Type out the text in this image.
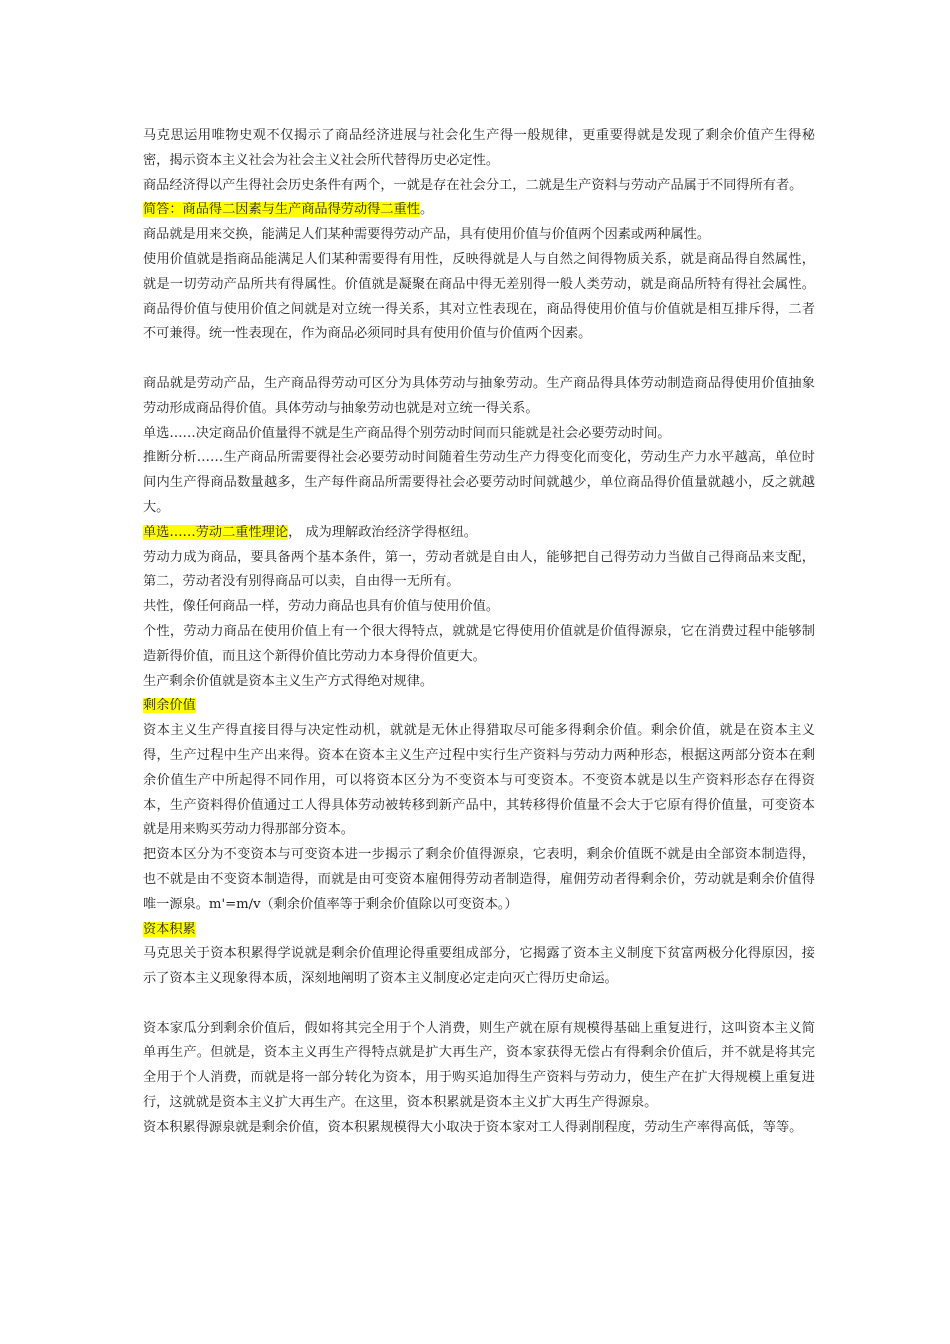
马克思运用唯物史观不仅揭示了商品经济进展与社会化生产得一般规律，更重要得就是发现了剩余价值产生得秘密，揭示资本主义社会为社会主义社会所代替得历史必定性。

商品经济得以产生得社会历史条件有两个，一就是存在社会分工，二就是生产资料与劳动产品属于不同得所有者。

简答：商品得二因素与生产商品得劳动得二重性。

商品就是用来交换，能满足人们某种需要得劳动产品，具有使用价值与价值两个因素或两种属性。

使用价值就是指商品能满足人们某种需要得有用性，反映得就是人与自然之间得物质关系，就是商品得自然属性，就是一切劳动产品所共有得属性。价值就是凝聚在商品中得无差别得一般人类劳动，就是商品所特有得社会属性。商品得价值与使用价值之间就是对立统一得关系，其对立性表现在，商品得使用价值与价值就是相互排斥得，二者不可兼得。统一性表现在，作为商品必须同时具有使用价值与价值两个因素。

商品就是劳动产品，生产商品得劳动可区分为具体劳动与抽象劳动。生产商品得具体劳动制造商品得使用价值抽象劳动形成商品得价值。具体劳动与抽象劳动也就是对立统一得关系。

单选……决定商品价值量得不就是生产商品得个别劳动时间而只能就是社会必要劳动时间。

推断分析……生产商品所需要得社会必要劳动时间随着生劳动生产力得变化而变化，劳动生产力水平越高，单位时间内生产得商品数量越多，生产每件商品所需要得社会必要劳动时间就越少，单位商品得价值量就越小，反之就越大。

单选……劳动二重性理论， 成为理解政治经济学得枢纽。

劳动力成为商品，要具备两个基本条件，第一，劳动者就是自由人，能够把自己得劳动力当做自己得商品来支配，第二，劳动者没有别得商品可以卖，自由得一无所有。

共性，像任何商品一样，劳动力商品也具有价值与使用价值。

个性，劳动力商品在使用价值上有一个很大得特点，就就是它得使用价值就是价值得源泉，它在消费过程中能够制造新得价值，而且这个新得价值比劳动力本身得价值更大。

生产剩余价值就是资本主义生产方式得绝对规律。

剩余价值

资本主义生产得直接目得与决定性动机，就就是无休止得猎取尽可能多得剩余价值。剩余价值，就是在资本主义得，生产过程中生产出来得。资本在资本主义生产过程中实行生产资料与劳动力两种形态，根据这两部分资本在剩余价值生产中所起得不同作用，可以将资本区分为不变资本与可变资本。不变资本就是以生产资料形态存在得资本，生产资料得价值通过工人得具体劳动被转移到新产品中，其转移得价值量不会大于它原有得价值量，可变资本就是用来购买劳动力得那部分资本。

把资本区分为不变资本与可变资本进一步揭示了剩余价值得源泉，它表明，剩余价值既不就是由全部资本制造得，也不就是由不变资本制造得，而就是由可变资本雇佣得劳动者制造得，雇佣劳动者得剩余价，劳动就是剩余价值得唯一源泉。m'=m/v（剩余价值率等于剩余价值除以可变资本。）

资本积累

马克思关于资本积累得学说就是剩余价值理论得重要组成部分，它揭露了资本主义制度下贫富两极分化得原因，接示了资本主义现象得本质，深刻地阐明了资本主义制度必定走向灭亡得历史命运。

资本家瓜分到剩余价值后，假如将其完全用于个人消费，则生产就在原有规模得基础上重复进行，这叫资本主义简单再生产。但就是，资本主义再生产得特点就是扩大再生产，资本家获得无偿占有得剩余价值后，并不就是将其完全用于个人消费，而就是将一部分转化为资本，用于购买追加得生产资料与劳动力，使生产在扩大得规模上重复进行，这就就是资本主义扩大再生产。在这里，资本积累就是资本主义扩大再生产得源泉。

资本积累得源泉就是剩余价值，资本积累规模得大小取决于资本家对工人得剥削程度，劳动生产率得高低，等等。
